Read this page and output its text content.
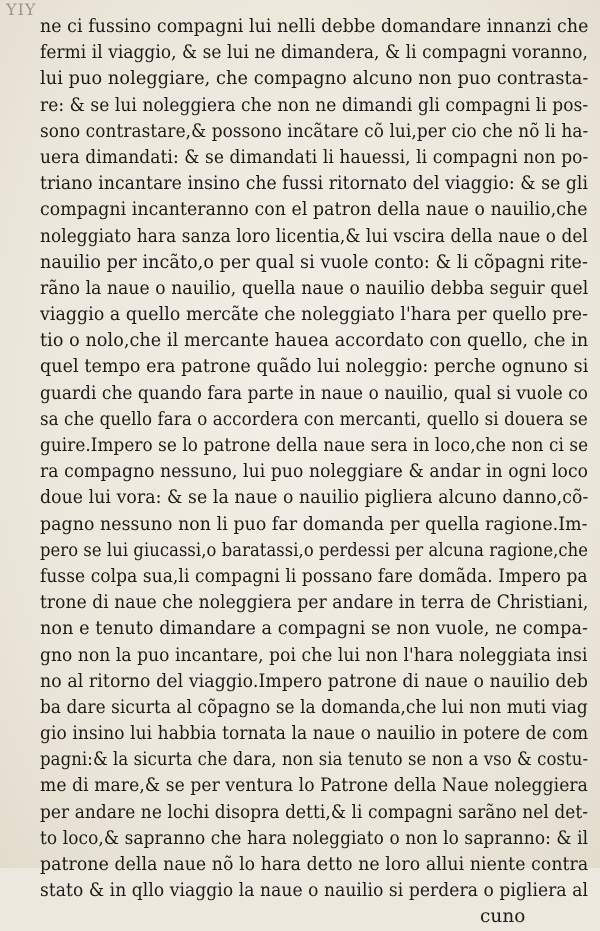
YIY
ne ci fussino compagni lui nelli debbe domandare innanzi che
fermi il viaggio, & se lui ne dimandera, & li compagni voranno,
lui puo noleggiare, che compagno alcuno non puo contrasta-
re: & se lui noleggiera che non ne dimandi gli compagni li pos-
sono contrastare,& possono incãtare cõ lui,per cio che nõ li ha-
uera dimandati: & se dimandati li hauessi, li compagni non po-
triano incantare insino che fussi ritornato del viaggio: & se gli
compagni incanteranno con el patron della naue o nauilio,che
noleggiato hara sanza loro licentia,& lui vscira della naue o del
nauilio per incãto,o per qual si vuole conto: & li cõpagni rite-
rãno la naue o nauilio, quella naue o nauilio debba seguir quel
viaggio a quello mercãte che noleggiato l'hara per quello pre-
tio o nolo,che il mercante hauea accordato con quello, che in
quel tempo era patrone quãdo lui noleggio: perche ognuno si
guardi che quando fara parte in naue o nauilio, qual si vuole co
sa che quello fara o accordera con mercanti, quello si douera se
guire.Impero se lo patrone della naue sera in loco,che non ci se
ra compagno nessuno, lui puo noleggiare & andar in ogni loco
doue lui vora: & se la naue o nauilio pigliera alcuno danno,cõ-
pagno nessuno non li puo far domanda per quella ragione.Im-
pero se lui giucassi,o baratassi,o perdessi per alcuna ragione,che
fusse colpa sua,li compagni li possano fare domãda. Impero pa
trone di naue che noleggiera per andare in terra de Christiani,
non e tenuto dimandare a compagni se non vuole, ne compa-
gno non la puo incantare, poi che lui non l'hara noleggiata insi
no al ritorno del viaggio.Impero patrone di naue o nauilio deb
ba dare sicurta al cõpagno se la domanda,che lui non muti viag
gio insino lui habbia tornata la naue o nauilio in potere de com
pagni:& la sicurta che dara, non sia tenuto se non a vso & costu-
me di mare,& se per ventura lo Patrone della Naue noleggiera
per andare ne lochi disopra detti,& li compagni sarãno nel det-
to loco,& sapranno che hara noleggiato o non lo sapranno: & il
patrone della naue nõ lo hara detto ne loro allui niente contra
stato & in qllo viaggio la naue o nauilio si perdera o pigliera al
cuno
